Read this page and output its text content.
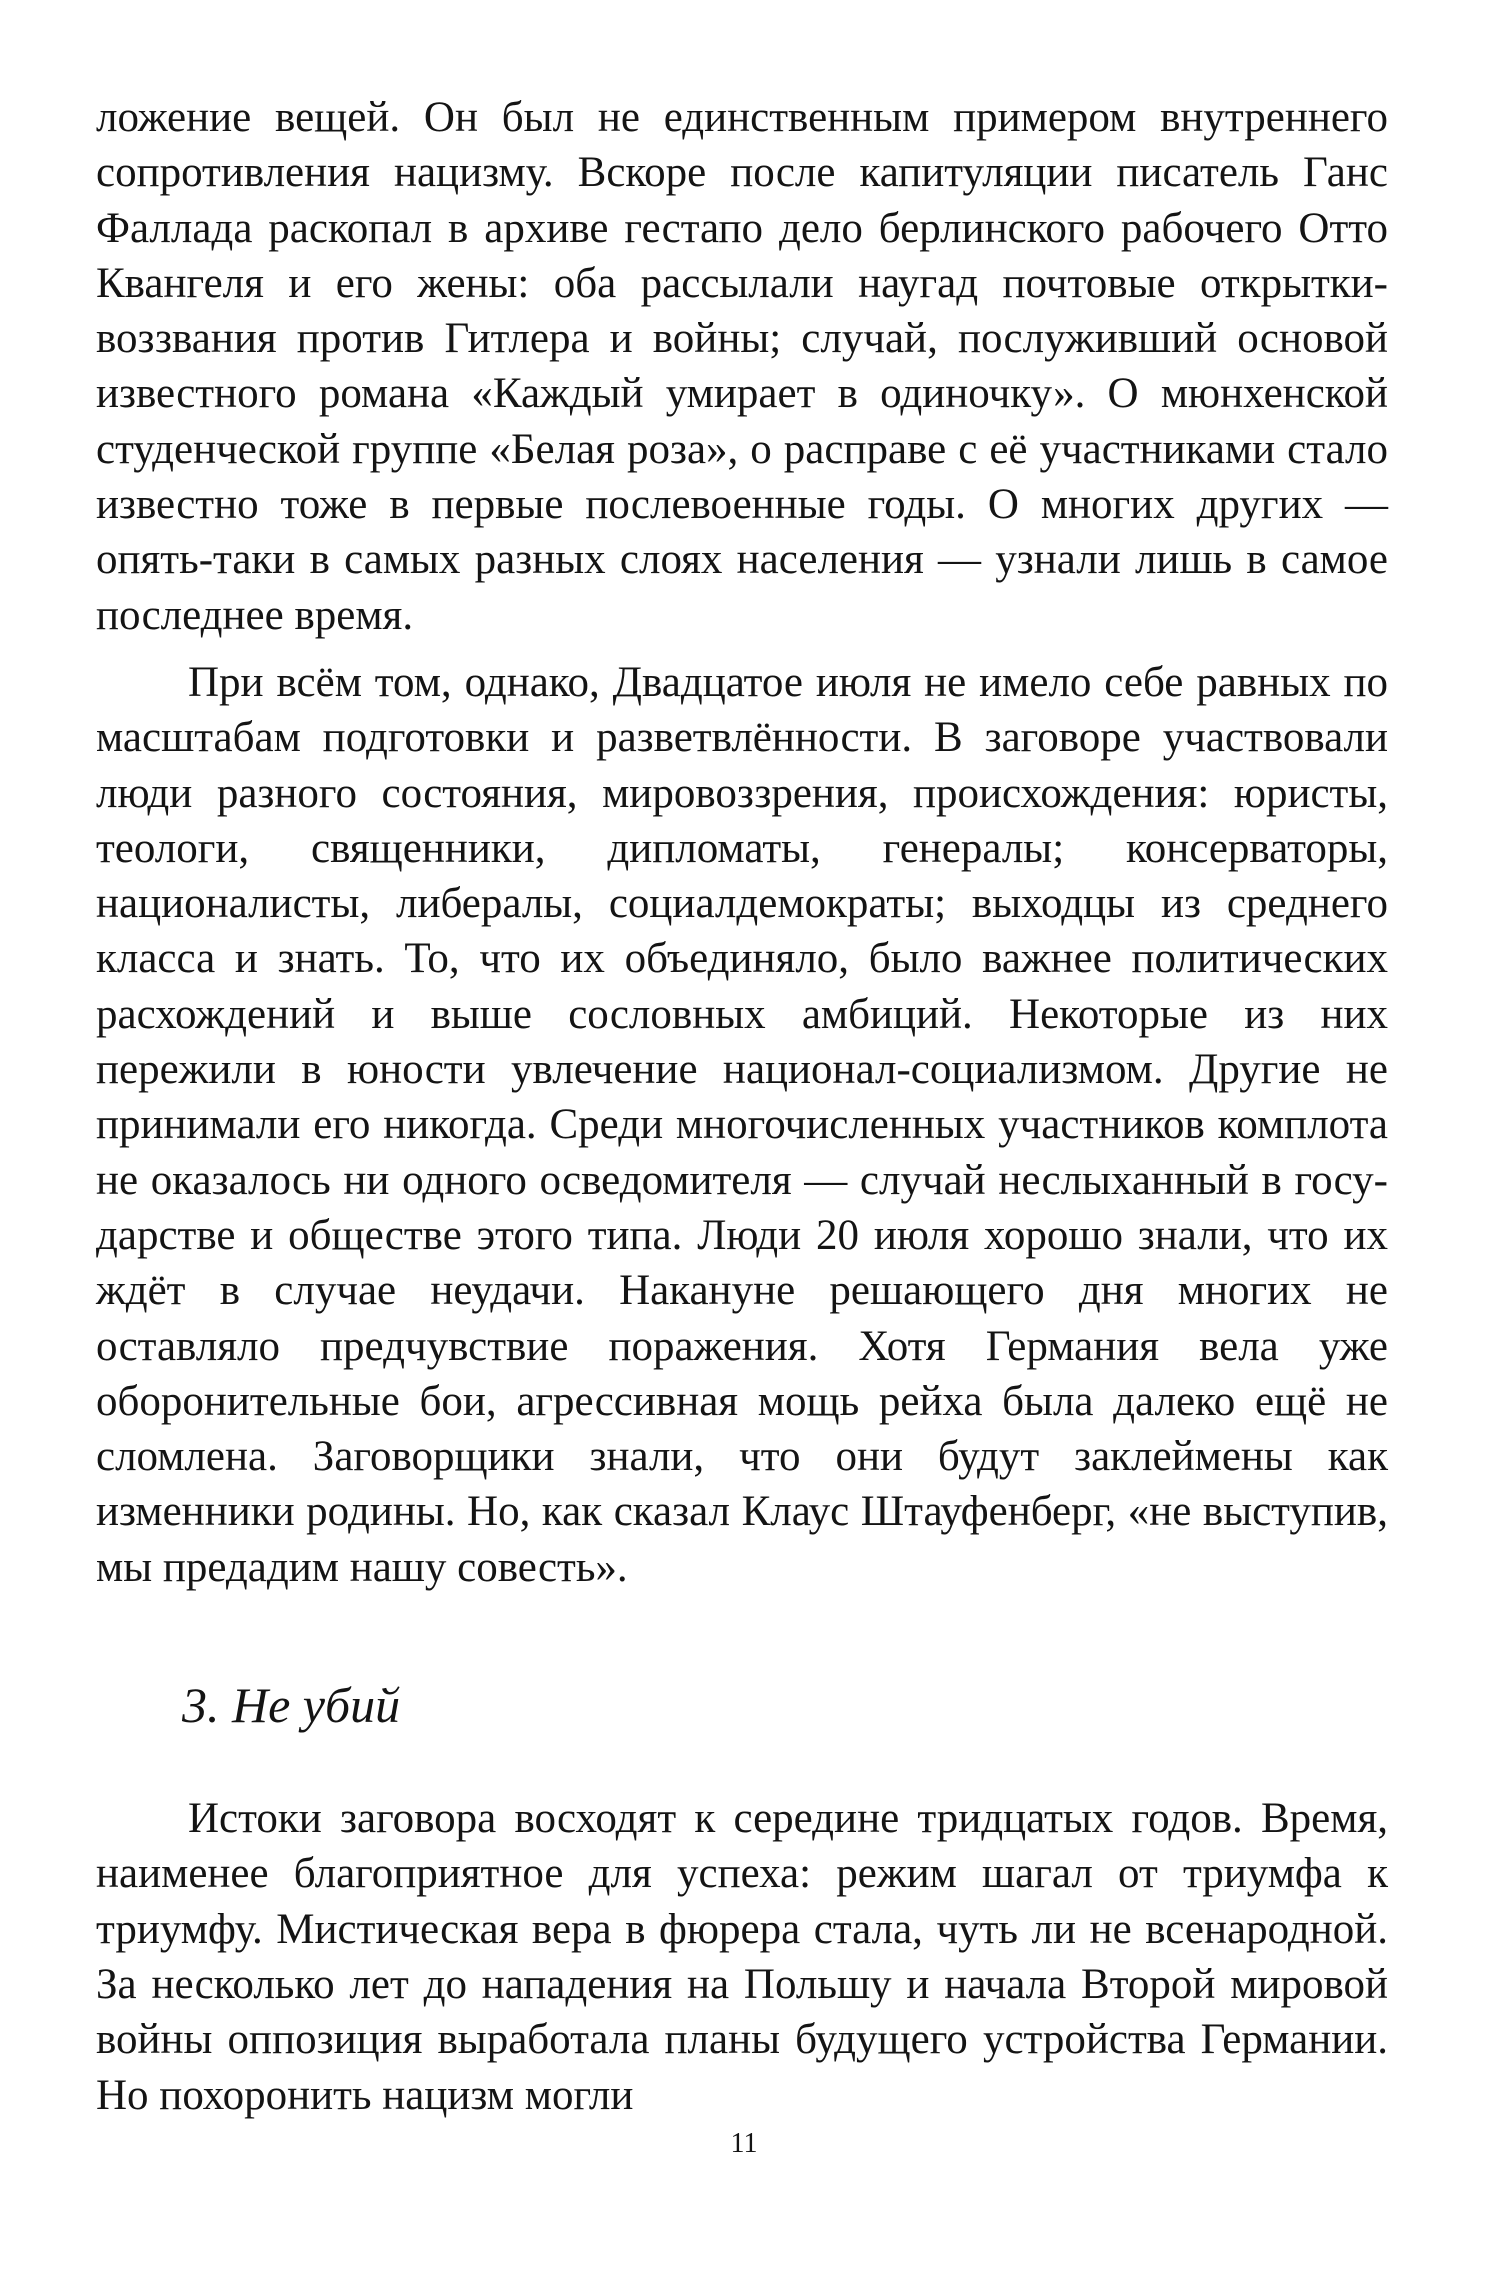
ложение вещей. Он был не единственным примером внутреннего сопротивления нацизму. Вскоре после капитуляции писатель Ганс Фаллада раскопал в архиве гестапо дело берлинского рабочего Отто Квангеля и его жены: оба рассылали наугад почтовые открытки-воззвания против Гитлера и войны; случай, послуживший основой известного романа «Каждый умирает в одиночку». О мюнхенской студенческой группе «Белая роза», о расправе с её участниками стало известно тоже в первые послевоенные годы. О многих других — опять-таки в самых разных слоях населения — узнали лишь в самое последнее время.

При всём том, однако, Двадцатое июля не имело себе равных по масштабам подготовки и разветвлённости. В заговоре участвовали люди разного состояния, мировоззрения, происхождения: юристы, теологи, священники, дипломаты, генералы; консерваторы, националисты, либералы, социалдемократы; выходцы из среднего класса и знать. То, что их объединяло, было важнее политических расхождений и выше сословных амбиций. Некоторые из них пережили в юности увлечение национал-социализмом. Другие не принимали его никогда. Среди многочисленных участников комплота не оказалось ни одного осведомителя — случай неслыханный в государстве и обществе этого типа. Люди 20 июля хорошо знали, что их ждёт в случае неудачи. Накануне решающего дня многих не оставляло предчувствие поражения. Хотя Германия вела уже оборонительные бои, агрессивная мощь рейха была далеко ещё не сломлена. Заговорщики знали, что они будут заклеймены как изменники родины. Но, как сказал Клаус Штауфенберг, «не выступив, мы предадим нашу совесть».

3. Не убий

Истоки заговора восходят к середине тридцатых годов. Время, наименее благоприятное для успеха: режим шагал от триумфа к триумфу. Мистическая вера в фюрера стала, чуть ли не всенародной. За несколько лет до нападения на Польшу и начала Второй мировой войны оппозиция выработала планы будущего устройства Германии. Но похоронить нацизм могли

11
